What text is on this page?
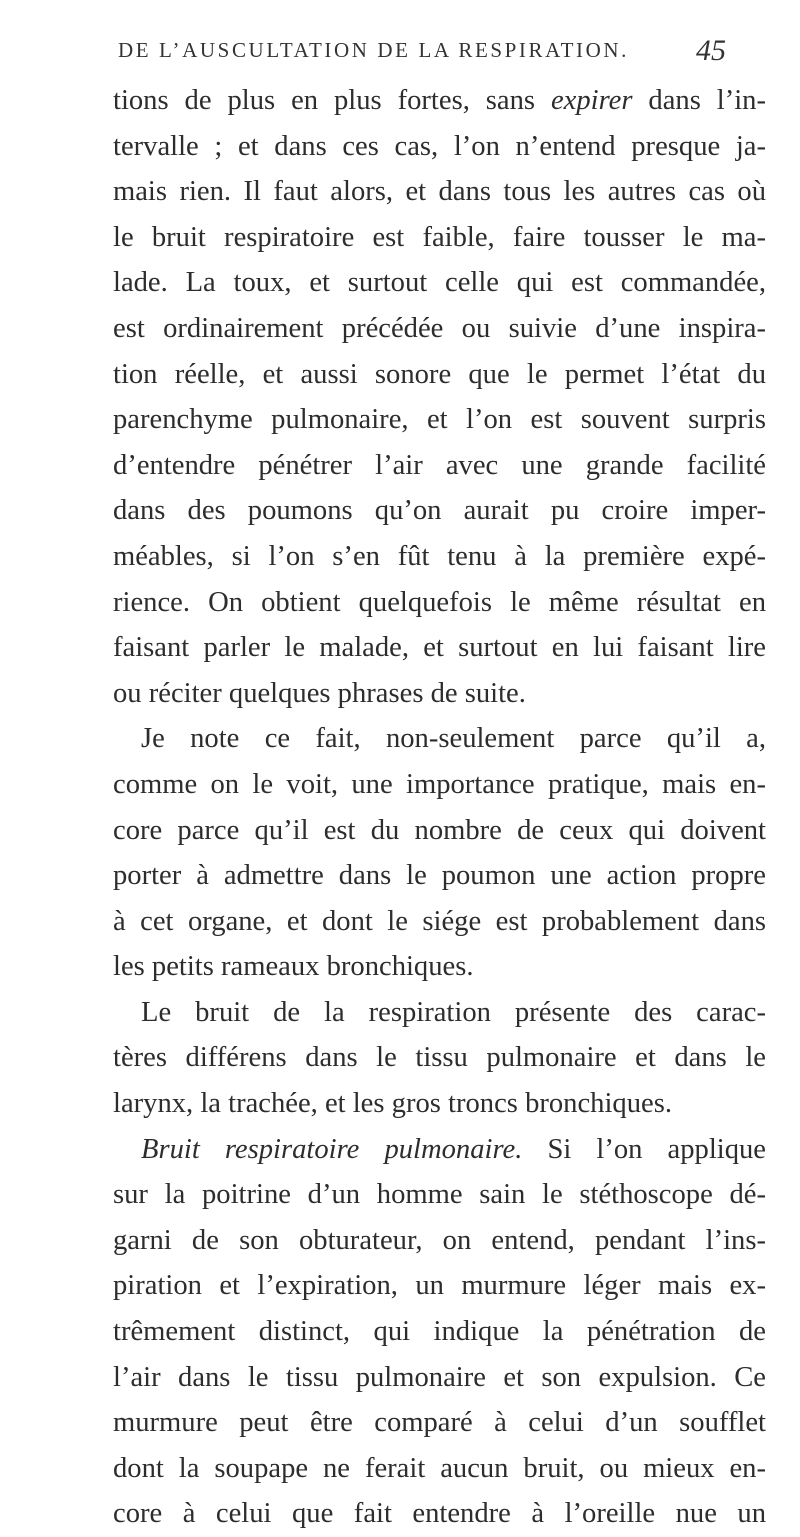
DE L’AUSCULTATION DE LA RESPIRATION. 45
tions de plus en plus fortes, sans expirer dans l’in-
tervalle ; et dans ces cas, l’on n’entend presque ja-
mais rien. Il faut alors, et dans tous les autres cas où
le bruit respiratoire est faible, faire tousser le ma-
lade. La toux, et surtout celle qui est commandée,
est ordinairement précédée ou suivie d’une inspira-
tion réelle, et aussi sonore que le permet l’état du
parenchyme pulmonaire, et l’on est souvent surpris
d’entendre pénétrer l’air avec une grande facilité
dans des poumons qu’on aurait pu croire imper-
méables, si l’on s’en fût tenu à la première expé-
rience. On obtient quelquefois le même résultat en
faisant parler le malade, et surtout en lui faisant lire
ou réciter quelques phrases de suite.
Je note ce fait, non-seulement parce qu’il a,
comme on le voit, une importance pratique, mais en-
core parce qu’il est du nombre de ceux qui doivent
porter à admettre dans le poumon une action propre
à cet organe, et dont le siége est probablement dans
les petits rameaux bronchiques.
Le bruit de la respiration présente des carac-
tères différens dans le tissu pulmonaire et dans le
larynx, la trachée, et les gros troncs bronchiques.
Bruit respiratoire pulmonaire. Si l’on applique
sur la poitrine d’un homme sain le stéthoscope dé-
garni de son obturateur, on entend, pendant l’ins-
piration et l’expiration, un murmure léger mais ex-
trêmement distinct, qui indique la pénétration de
l’air dans le tissu pulmonaire et son expulsion. Ce
murmure peut être comparé à celui d’un soufflet
dont la soupape ne ferait aucun bruit, ou mieux en-
core à celui que fait entendre à l’oreille nue un
